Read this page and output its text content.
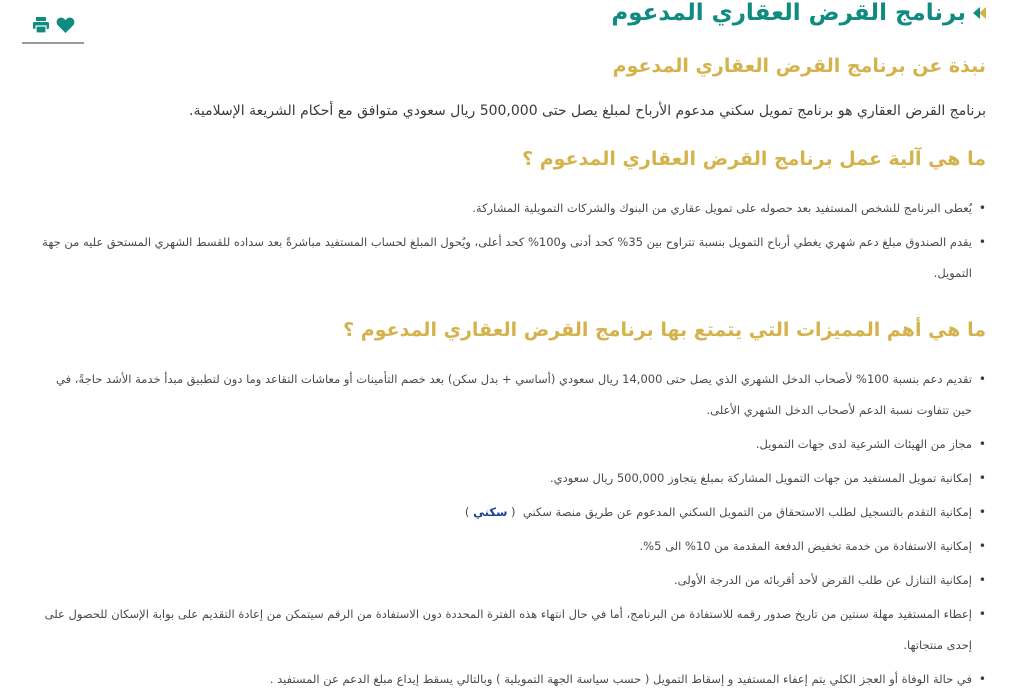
برنامج القرض العقاري المدعوم
نبذة عن برنامج القرض العقاري المدعوم
برنامج القرض العقاري هو برنامج تمويل سكني مدعوم الأرباح لمبلغ يصل حتى 500,000 ريال سعودي متوافق مع أحكام الشريعة الإسلامية.
ما هي آلية عمل برنامج القرض العقاري المدعوم ؟
• يُعطى البرنامج للشخص المستفيد بعد حصوله على تمويل عقاري من البنوك والشركات التمويلية المشاركة.
• يقدم الصندوق مبلغ دعم شهري يغطي أرباح التمويل بنسبة تتراوح بين 35% كحد أدنى و100% كحد أعلى، ويُحول المبلغ لحساب المستفيد مباشرةً بعد سداده للقسط الشهري المستحق عليه من جهة التمويل.
ما هي أهم المميزات التي يتمتع بها برنامج القرض العقاري المدعوم ؟
• تقديم دعم بنسبة 100% لأصحاب الدخل الشهري الذي يصل حتى 14,000 ريال سعودي (أساسي + بدل سكن) بعد خصم التأمينات أو معاشات التقاعد وما دون لتطبيق مبدأ خدمة الأشد حاجةً، في حين تتفاوت نسبة الدعم لأصحاب الدخل الشهري الأعلى.
• مجاز من الهيئات الشرعية لدى جهات التمويل.
• إمكانية تمويل المستفيد من جهات التمويل المشاركة بمبلغ يتجاوز 500,000 ريال سعودي.
• إمكانية التقدم بالتسجيل لطلب الاستحقاق من التمويل السكني المدعوم عن طريق منصة سكني  ( سكني )
• إمكانية الاستفادة من خدمة تخفيض الدفعة المقدمة من 10% الى 5%.
• إمكانية التنازل عن طلب القرض لأحد أقربائه من الدرجة الأولى.
• إعطاء المستفيد مهلة سنتين من تاريخ صدور رقمه للاستفادة من البرنامج، أما في حال انتهاء هذه الفترة المحددة دون الاستفادة من الرقم سيتمكن من إعادة التقديم على بوابة الإسكان للحصول على إحدى منتجاتها.
• في حالة الوفاة أو العجز الكلي يتم إعفاء المستفيد و إسقاط التمويل ( حسب سياسة الجهة التمويلية ) وبالتالي يسقط إيداع مبلغ الدعم عن المستفيد .
